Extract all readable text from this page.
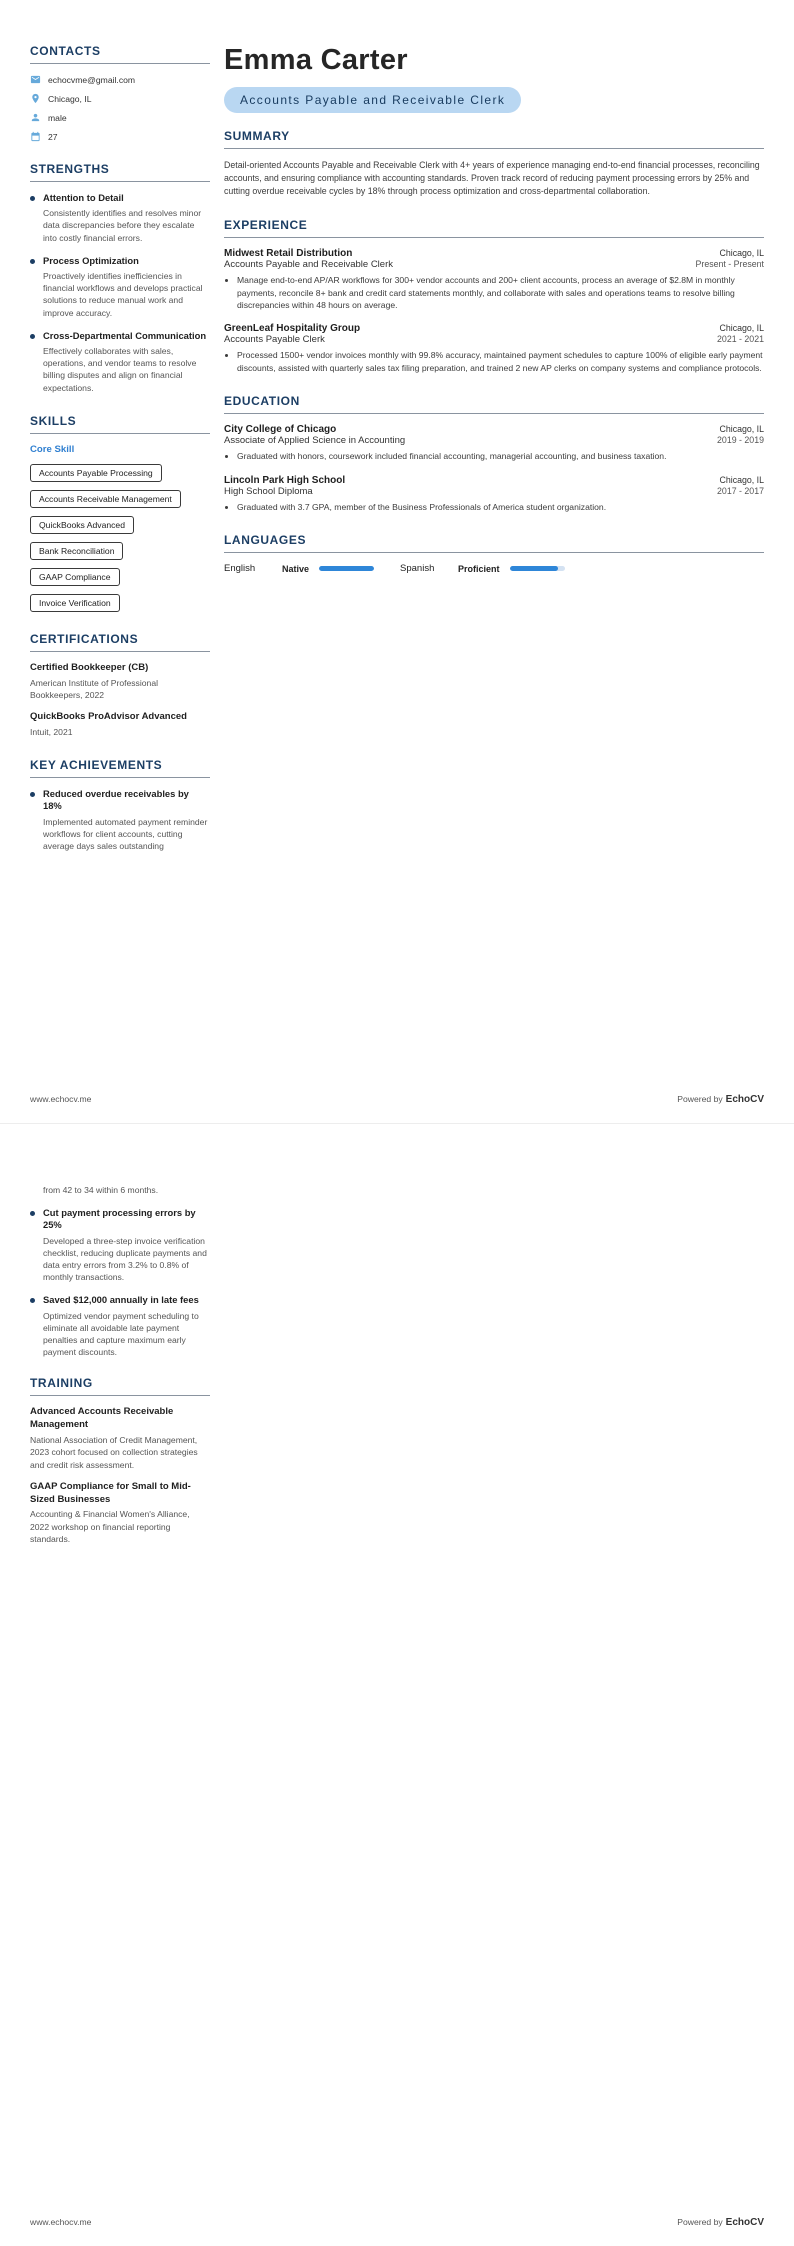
CONTACTS
echocvme@gmail.com
Chicago, IL
male
27
STRENGTHS
Attention to Detail
Consistently identifies and resolves minor data discrepancies before they escalate into costly financial errors.
Process Optimization
Proactively identifies inefficiencies in financial workflows and develops practical solutions to reduce manual work and improve accuracy.
Cross-Departmental Communication
Effectively collaborates with sales, operations, and vendor teams to resolve billing disputes and align on financial expectations.
SKILLS
Core Skill
Accounts Payable Processing
Accounts Receivable Management
QuickBooks Advanced
Bank Reconciliation
GAAP Compliance
Invoice Verification
CERTIFICATIONS
Certified Bookkeeper (CB)
American Institute of Professional Bookkeepers, 2022
QuickBooks ProAdvisor Advanced
Intuit, 2021
KEY ACHIEVEMENTS
Reduced overdue receivables by 18%
Implemented automated payment reminder workflows for client accounts, cutting average days sales outstanding
Emma Carter
Accounts Payable and Receivable Clerk
SUMMARY

Detail-oriented Accounts Payable and Receivable Clerk with 4+ years of experience managing end-to-end financial processes, reconciling accounts, and ensuring compliance with accounting standards. Proven track record of reducing payment processing errors by 25% and cutting overdue receivable cycles by 18% through process optimization and cross-departmental collaboration.

EXPERIENCE
Midwest Retail Distribution	Chicago, IL
Accounts Payable and Receivable Clerk	Present - Present
• Manage end-to-end AP/AR workflows for 300+ vendor accounts and 200+ client accounts, process an average of $2.8M in monthly payments, reconcile 8+ bank and credit card statements monthly, and collaborate with sales and operations teams to resolve billing discrepancies within 48 hours on average.
GreenLeaf Hospitality Group	Chicago, IL
Accounts Payable Clerk	2021 - 2021
• Processed 1500+ vendor invoices monthly with 99.8% accuracy, maintained payment schedules to capture 100% of eligible early payment discounts, assisted with quarterly sales tax filing preparation, and trained 2 new AP clerks on company systems and compliance protocols.
EDUCATION
City College of Chicago	Chicago, IL
Associate of Applied Science in Accounting	2019 - 2019
• Graduated with honors, coursework included financial accounting, managerial accounting, and business taxation.
Lincoln Park High School	Chicago, IL
High School Diploma	2017 - 2017
• Graduated with 3.7 GPA, member of the Business Professionals of America student organization.
LANGUAGES
English	Native	Spanish	Proficient
www.echocv.me	Powered by EchoCV

from 42 to 34 within 6 months.

Cut payment processing errors by 25%
Developed a three-step invoice verification checklist, reducing duplicate payments and data entry errors from 3.2% to 0.8% of monthly transactions.
Saved $12,000 annually in late fees
Optimized vendor payment scheduling to eliminate all avoidable late payment penalties and capture maximum early payment discounts.
TRAINING
Advanced Accounts Receivable Management
National Association of Credit Management, 2023 cohort focused on collection strategies and credit risk assessment.
GAAP Compliance for Small to Mid-Sized Businesses
Accounting & Financial Women's Alliance, 2022 workshop on financial reporting standards.
www.echocv.me	Powered by EchoCV
